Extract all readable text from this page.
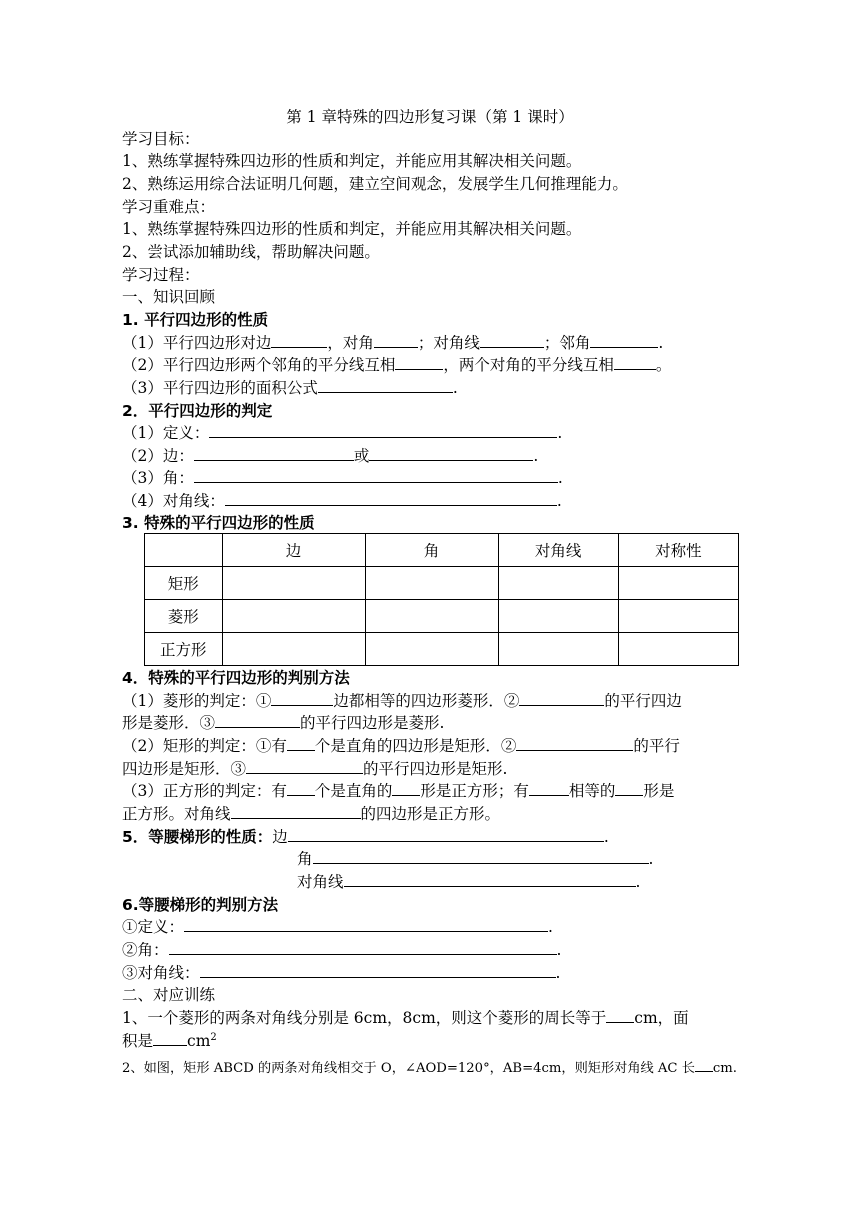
第 1 章特殊的四边形复习课（第 1 课时）
学习目标：
1、熟练掌握特殊四边形的性质和判定，并能应用其解决相关问题。
2、熟练运用综合法证明几何题，建立空间观念，发展学生几何推理能力。
学习重难点：
1、熟练掌握特殊四边形的性质和判定，并能应用其解决相关问题。
2、尝试添加辅助线，帮助解决问题。
学习过程：
一、知识回顾
1. 平行四边形的性质
（1）平行四边形对边	，对角	；对角线	；邻角	.
（2）平行四边形两个邻角的平分线互相	，两个对角的平分线互相	。
（3）平行四边形的面积公式	.
2．平行四边形的判定
（1）定义：	.
（2）边：	或	.
（3）角：	.
（4）对角线：	.
3. 特殊的平行四边形的性质
	边	角	对角线	对称性
矩形				
菱形				
正方形				
4．特殊的平行四边形的判别方法
（1）菱形的判定：①	边都相等的四边形菱形．②	的平行四边
形是菱形．③	的平行四边形是菱形.
（2）矩形的判定：①有 个是直角的四边形是矩形．②	的平行
四边形是矩形．③	的平行四边形是矩形.
（3）正方形的判定：有 个是直角的 形是正方形；有	相等的 形是
正方形。对角线	的四边形是正方形。
5．等腰梯形的性质：边	.
角	.
对角线	.
6.等腰梯形的判别方法
①定义：	.
②角：	.
③对角线：	.
二、对应训练
1、一个菱形的两条对角线分别是 6cm，8cm，则这个菱形的周长等于 cm，面
积是 $cm^2$
2、如图，矩形 ABCD 的两条对角线相交于 O，∠AOD=120°，AB=4cm，则矩形对角线 AC 长 cm.
